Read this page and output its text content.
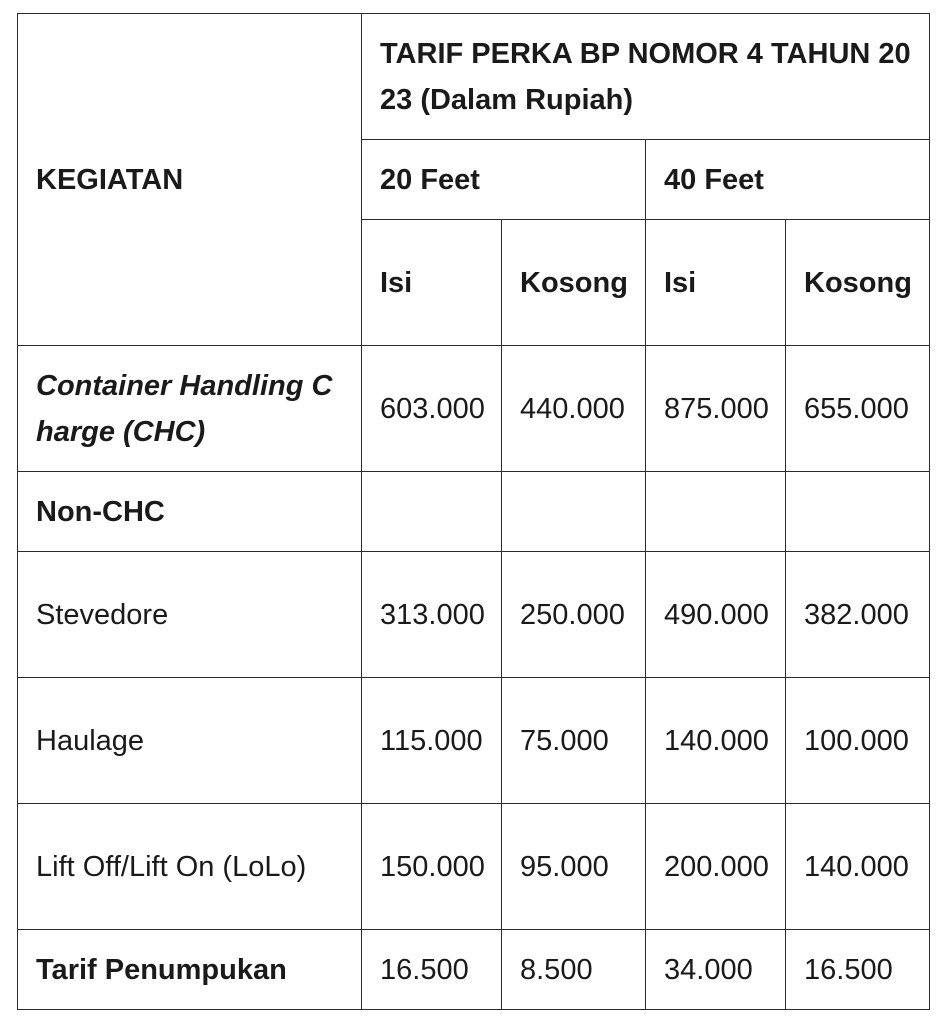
KEGIATAN	TARIF PERKA BP NOMOR 4 TAHUN 2023 (Dalam Rupiah)			
	20 Feet		40 Feet	
	Isi	Kosong	Isi	Kosong
Container Handling Charge (CHC)	603.000	440.000	875.000	655.000
Non-CHC				
Stevedore	313.000	250.000	490.000	382.000
Haulage	115.000	75.000	140.000	100.000
Lift Off/Lift On (LoLo)	150.000	95.000	200.000	140.000
Tarif Penumpukan	16.500	8.500	34.000	16.500
